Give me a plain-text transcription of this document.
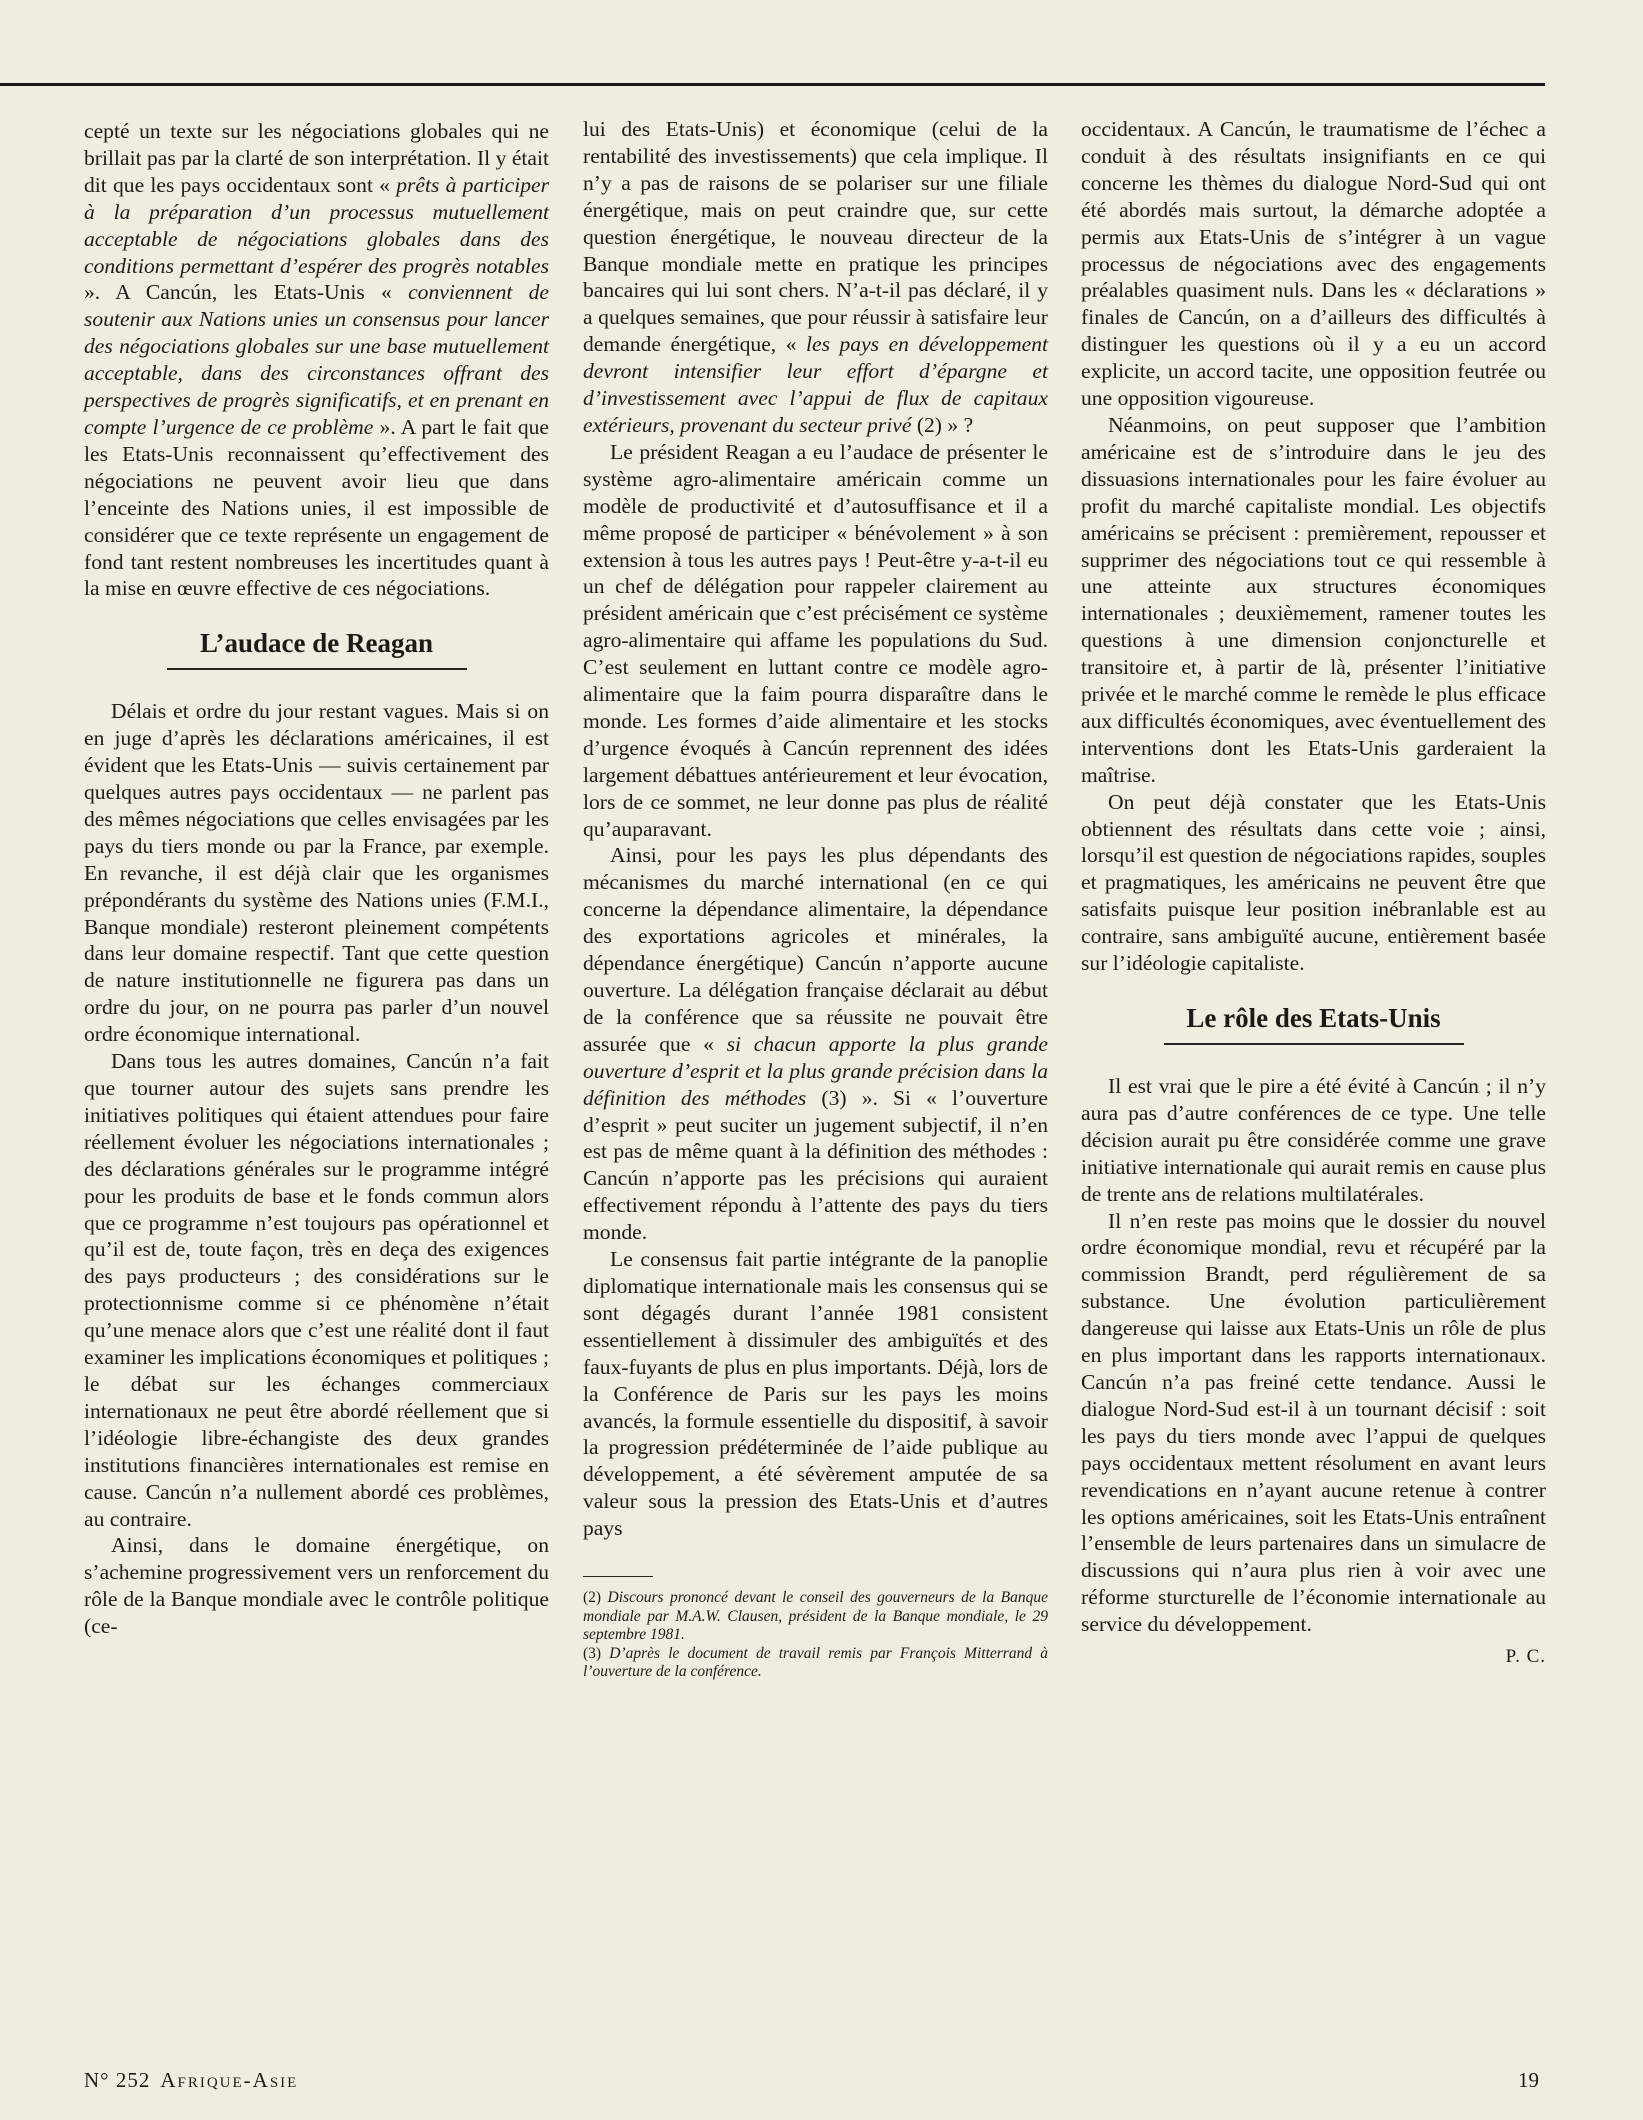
cepté un texte sur les négociations globales qui ne brillait pas par la clarté de son interprétation. Il y était dit que les pays occidentaux sont « prêts à participer à la préparation d’un processus mutuellement acceptable de négociations globales dans des conditions permettant d’espérer des progrès notables ». A Cancún, les Etats-Unis « conviennent de soutenir aux Nations unies un consensus pour lancer des négociations globales sur une base mutuellement acceptable, dans des circonstances offrant des perspectives de progrès significatifs, et en prenant en compte l’urgence de ce problème ». A part le fait que les Etats-Unis reconnaissent qu’effectivement des négociations ne peuvent avoir lieu que dans l’enceinte des Nations unies, il est impossible de considérer que ce texte représente un engagement de fond tant restent nombreuses les incertitudes quant à la mise en œuvre effective de ces négociations.

L’audace de Reagan

Délais et ordre du jour restant vagues. Mais si on en juge d’après les déclarations américaines, il est évident que les Etats-Unis — suivis certainement par quelques autres pays occidentaux — ne parlent pas des mêmes négociations que celles envisagées par les pays du tiers monde ou par la France, par exemple. En revanche, il est déjà clair que les organismes prépondérants du système des Nations unies (F.M.I., Banque mondiale) resteront pleinement compétents dans leur domaine respectif. Tant que cette question de nature institutionnelle ne figurera pas dans un ordre du jour, on ne pourra pas parler d’un nouvel ordre économique international.

Dans tous les autres domaines, Cancún n’a fait que tourner autour des sujets sans prendre les initiatives politiques qui étaient attendues pour faire réellement évoluer les négociations internationales ; des déclarations générales sur le programme intégré pour les produits de base et le fonds commun alors que ce programme n’est toujours pas opérationnel et qu’il est de, toute façon, très en deça des exigences des pays producteurs ; des considérations sur le protectionnisme comme si ce phénomène n’était qu’une menace alors que c’est une réalité dont il faut examiner les implications économiques et politiques ; le débat sur les échanges commerciaux internationaux ne peut être abordé réellement que si l’idéologie libre-échangiste des deux grandes institutions financières internationales est remise en cause. Cancún n’a nullement abordé ces problèmes, au contraire.

Ainsi, dans le domaine énergétique, on s’achemine progressivement vers un renforcement du rôle de la Banque mondiale avec le contrôle politique (ce-

lui des Etats-Unis) et économique (celui de la rentabilité des investissements) que cela implique. Il n’y a pas de raisons de se polariser sur une filiale énergétique, mais on peut craindre que, sur cette question énergétique, le nouveau directeur de la Banque mondiale mette en pratique les principes bancaires qui lui sont chers. N’a-t-il pas déclaré, il y a quelques semaines, que pour réussir à satisfaire leur demande énergétique, « les pays en développement devront intensifier leur effort d’épargne et d’investissement avec l’appui de flux de capitaux extérieurs, provenant du secteur privé (2) » ?

Le président Reagan a eu l’audace de présenter le système agro-alimentaire américain comme un modèle de productivité et d’autosuffisance et il a même proposé de participer « bénévolement » à son extension à tous les autres pays ! Peut-être y-a-t-il eu un chef de délégation pour rappeler clairement au président américain que c’est précisément ce système agro-alimentaire qui affame les populations du Sud. C’est seulement en luttant contre ce modèle agro-alimentaire que la faim pourra disparaître dans le monde. Les formes d’aide alimentaire et les stocks d’urgence évoqués à Cancún reprennent des idées largement débattues antérieurement et leur évocation, lors de ce sommet, ne leur donne pas plus de réalité qu’auparavant.

Ainsi, pour les pays les plus dépendants des mécanismes du marché international (en ce qui concerne la dépendance alimentaire, la dépendance des exportations agricoles et minérales, la dépendance énergétique) Cancún n’apporte aucune ouverture. La délégation française déclarait au début de la conférence que sa réussite ne pouvait être assurée que « si chacun apporte la plus grande ouverture d’esprit et la plus grande précision dans la définition des méthodes (3) ». Si « l’ouverture d’esprit » peut suciter un jugement subjectif, il n’en est pas de même quant à la définition des méthodes : Cancún n’apporte pas les précisions qui auraient effectivement répondu à l’attente des pays du tiers monde.

Le consensus fait partie intégrante de la panoplie diplomatique internationale mais les consensus qui se sont dégagés durant l’année 1981 consistent essentiellement à dissimuler des ambiguïtés et des faux-fuyants de plus en plus importants. Déjà, lors de la Conférence de Paris sur les pays les moins avancés, la formule essentielle du dispositif, à savoir la progression prédéterminée de l’aide publique au développement, a été sévèrement amputée de sa valeur sous la pression des Etats-Unis et d’autres pays

(2) Discours prononcé devant le conseil des gouverneurs de la Banque mondiale par M.A.W. Clausen, président de la Banque mondiale, le 29 septembre 1981.

(3) D’après le document de travail remis par François Mitterrand à l’ouverture de la conférence.

occidentaux. A Cancún, le traumatisme de l’échec a conduit à des résultats insignifiants en ce qui concerne les thèmes du dialogue Nord-Sud qui ont été abordés mais surtout, la démarche adoptée a permis aux Etats-Unis de s’intégrer à un vague processus de négociations avec des engagements préalables quasiment nuls. Dans les « déclarations » finales de Cancún, on a d’ailleurs des difficultés à distinguer les questions où il y a eu un accord explicite, un accord tacite, une opposition feutrée ou une opposition vigoureuse.

Néanmoins, on peut supposer que l’ambition américaine est de s’introduire dans le jeu des dissuasions internationales pour les faire évoluer au profit du marché capitaliste mondial. Les objectifs américains se précisent : premièrement, repousser et supprimer des négociations tout ce qui ressemble à une atteinte aux structures économiques internationales ; deuxièmement, ramener toutes les questions à une dimension conjoncturelle et transitoire et, à partir de là, présenter l’initiative privée et le marché comme le remède le plus efficace aux difficultés économiques, avec éventuellement des interventions dont les Etats-Unis garderaient la maîtrise.

On peut déjà constater que les Etats-Unis obtiennent des résultats dans cette voie ; ainsi, lorsqu’il est question de négociations rapides, souples et pragmatiques, les américains ne peuvent être que satisfaits puisque leur position inébranlable est au contraire, sans ambiguïté aucune, entièrement basée sur l’idéologie capitaliste.

Le rôle des Etats-Unis

Il est vrai que le pire a été évité à Cancún ; il n’y aura pas d’autre conférences de ce type. Une telle décision aurait pu être considérée comme une grave initiative internationale qui aurait remis en cause plus de trente ans de relations multilatérales.

Il n’en reste pas moins que le dossier du nouvel ordre économique mondial, revu et récupéré par la commission Brandt, perd régulièrement de sa substance. Une évolution particulièrement dangereuse qui laisse aux Etats-Unis un rôle de plus en plus important dans les rapports internationaux. Cancún n’a pas freiné cette tendance. Aussi le dialogue Nord-Sud est-il à un tournant décisif : soit les pays du tiers monde avec l’appui de quelques pays occidentaux mettent résolument en avant leurs revendications en n’ayant aucune retenue à contrer les options américaines, soit les Etats-Unis entraînent l’ensemble de leurs partenaires dans un simulacre de discussions qui n’aura plus rien à voir avec une réforme sturcturelle de l’économie internationale au service du développement.

P. C.
N° 252 Afrique-Asie	19
